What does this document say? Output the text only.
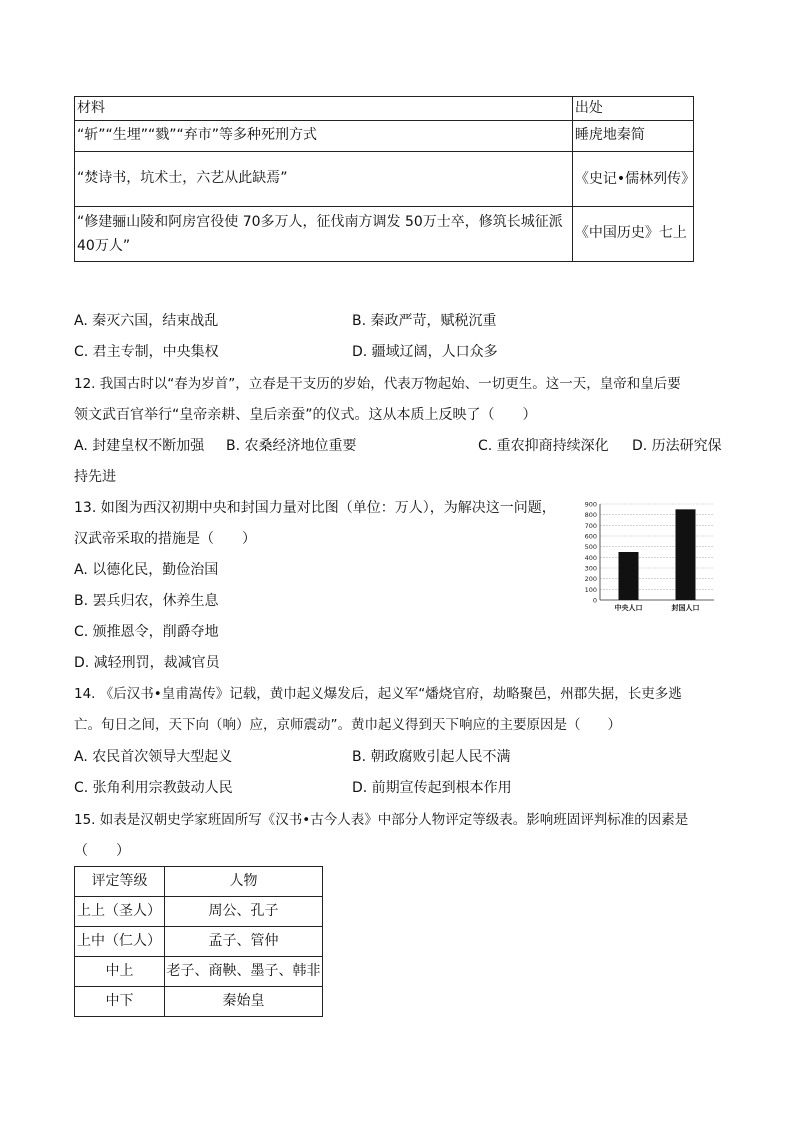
材料	出处
“斩”“生埋”“戮”“弃市”等多种死刑方式	睡虎地秦简
“焚诗书，坑术士，六艺从此缺焉”	《史记•儒林列传》
“修建骊山陵和阿房宫役使 70多万人，征伐南方调发 50万士卒，修筑长城征派40万人”	《中国历史》七上
A. 秦灭六国，结束战乱	B. 秦政严苛，赋税沉重
C. 君主专制，中央集权	D. 疆域辽阔，人口众多
12. 我国古时以“春为岁首”，立春是干支历的岁始，代表万物起始、一切更生。这一天，皇帝和皇后要
领文武百官举行“皇帝亲耕、皇后亲蚕”的仪式。这从本质上反映了（　　）
A. 封建皇权不断加强 B. 农桑经济地位重要	C. 重农抑商持续深化 D. 历法研究保
持先进
13. 如图为西汉初期中央和封国力量对比图（单位：万人），为解决这一问题，
汉武帝采取的措施是（　　）
A. 以德化民，勤俭治国
B. 罢兵归农，休养生息
C. 颁推恩令，削爵夺地
D. 减轻刑罚，裁减官员
0
100
200
300
400
500
600
700
800
900
中央人口	封国人口
14. 《后汉书•皇甫嵩传》记载，黄巾起义爆发后，起义军“燔烧官府，劫略聚邑，州郡失据，长吏多逃
亡。旬日之间，天下向（响）应，京师震动”。黄巾起义得到天下响应的主要原因是（　　）
A. 农民首次领导大型起义	B. 朝政腐败引起人民不满
C. 张角利用宗教鼓动人民	D. 前期宣传起到根本作用
15. 如表是汉朝史学家班固所写《汉书•古今人表》中部分人物评定等级表。影响班固评判标准的因素是
（　　）
评定等级	人物
上上（圣人）	周公、孔子
上中（仁人）	孟子、管仲
中上	老子、商鞅、墨子、韩非
中下	秦始皇
